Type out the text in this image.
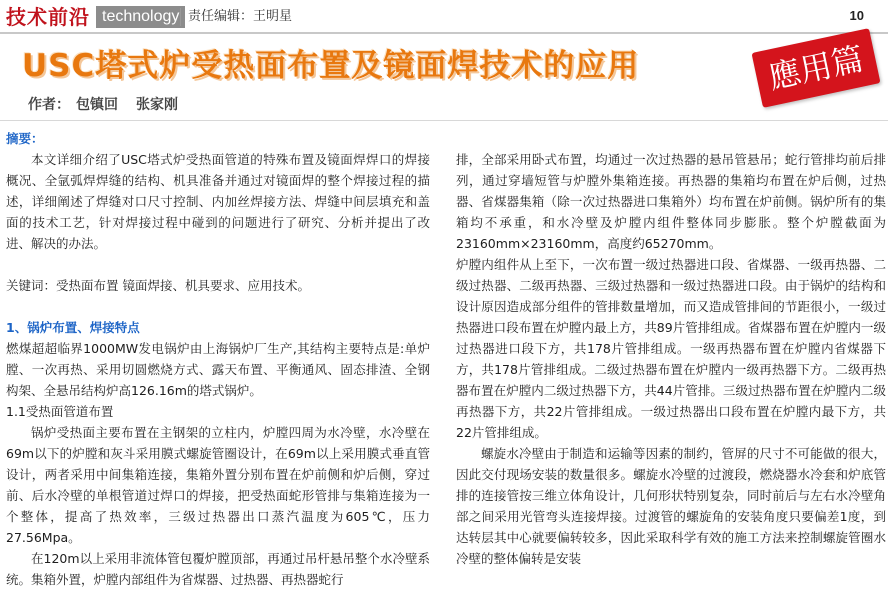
技术前沿 technology 责任编辑：王明星	10
USC塔式炉受热面布置及镜面焊技术的应用	應用篇
作者： 包镇回 张家刚

摘要：

本文详细介绍了USC塔式炉受热面管道的特殊布置及镜面焊焊口的焊接概况、全氩弧焊焊缝的结构、机具准备并通过对镜面焊的整个焊接过程的描述，详细阐述了焊缝对口尺寸控制、内加丝焊接方法、焊缝中间层填充和盖面的技术工艺，针对焊接过程中碰到的问题进行了研究、分析并提出了改进、解决的办法。

关键词：受热面布置 镜面焊接、机具要求、应用技术。

1、锅炉布置、焊接特点

燃煤超超临界1000MW发电锅炉由上海锅炉厂生产,其结构主要特点是:单炉膛、一次再热、采用切圆燃烧方式、露天布置、平衡通风、固态排渣、全钢构架、全悬吊结构炉高126.16m的塔式锅炉。

1.1受热面管道布置

锅炉受热面主要布置在主钢架的立柱内，炉膛四周为水冷壁，水冷壁在69m以下的炉膛和灰斗采用膜式螺旋管圈设计，在69m以上采用膜式垂直管设计，两者采用中间集箱连接，集箱外置分别布置在炉前侧和炉后侧，穿过前、后水冷壁的单根管道过焊口的焊接，把受热面蛇形管排与集箱连接为一个整体，提高了热效率，三级过热器出口蒸汽温度为605℃，压力27.56Mpa。

在120m以上采用非流体管包覆炉膛顶部，再通过吊杆悬吊整个水冷壁系统。集箱外置，炉膛内部组件为省煤器、过热器、再热器蛇行

排，全部采用卧式布置，均通过一次过热器的悬吊管悬吊；蛇行管排均前后排列，通过穿墙短管与炉膛外集箱连接。再热器的集箱均布置在炉后侧，过热器、省煤器集箱（除一次过热器进口集箱外）均布置在炉前侧。锅炉所有的集箱均不承重，和水冷壁及炉膛内组件整体同步膨胀。整个炉膛截面为23160mm×23160mm，高度约65270mm。

炉膛内组件从上至下，一次布置一级过热器进口段、省煤器、一级再热器、二级过热器、二级再热器、三级过热器和一级过热器进口段。由于锅炉的结构和设计原因造成部分组件的管排数量增加，而又造成管排间的节距很小，一级过热器进口段布置在炉膛内最上方，共89片管排组成。省煤器布置在炉膛内一级过热器进口段下方，共178片管排组成。一级再热器布置在炉膛内省煤器下方，共178片管排组成。二级过热器布置在炉膛内一级再热器下方。二级再热器布置在炉膛内二级过热器下方，共44片管排。三级过热器布置在炉膛内二级再热器下方，共22片管排组成。一级过热器出口段布置在炉膛内最下方，共22片管排组成。

螺旋水冷壁由于制造和运输等因素的制约，管屏的尺寸不可能做的很大，因此交付现场安装的数量很多。螺旋水冷壁的过渡段，燃烧器水冷套和炉底管排的连接管按三维立体角设计，几何形状特别复杂，同时前后与左右水冷壁角部之间采用光管弯头连接焊接。过渡管的螺旋角的安装角度只要偏差1度，到达转层其中心就要偏转较多，因此采取科学有效的施工方法来控制螺旋管圈水冷壁的整体偏转是安装
